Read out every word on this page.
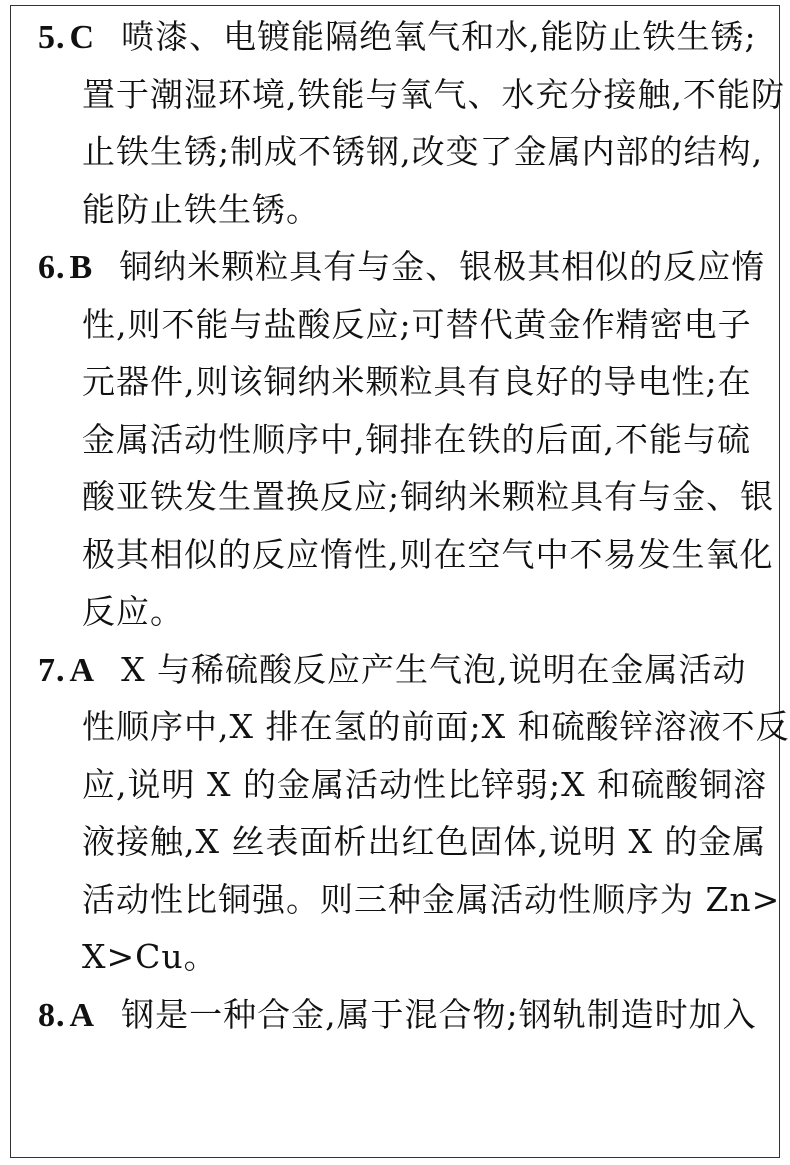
5. C 喷漆、电镀能隔绝氧气和水,能防止铁生锈;
置于潮湿环境,铁能与氧气、水充分接触,不能防
止铁生锈;制成不锈钢,改变了金属内部的结构,
能防止铁生锈。
6. B 铜纳米颗粒具有与金、银极其相似的反应惰
性,则不能与盐酸反应;可替代黄金作精密电子
元器件,则该铜纳米颗粒具有良好的导电性;在
金属活动性顺序中,铜排在铁的后面,不能与硫
酸亚铁发生置换反应;铜纳米颗粒具有与金、银
极其相似的反应惰性,则在空气中不易发生氧化
反应。
7. A X 与稀硫酸反应产生气泡,说明在金属活动
性顺序中,X 排在氢的前面;X 和硫酸锌溶液不反
应,说明 X 的金属活动性比锌弱;X 和硫酸铜溶
液接触,X 丝表面析出红色固体,说明 X 的金属
活动性比铜强。则三种金属活动性顺序为 Zn>
X>Cu。
8. A 钢是一种合金,属于混合物;钢轨制造时加入
